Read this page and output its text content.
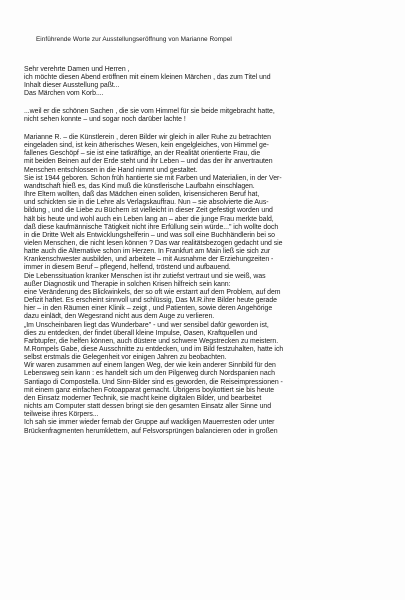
Einführende Worte zur Ausstellungseröffnung von Marianne Rompel
Sehr verehrte Damen und Herren ,
ich möchte diesen Abend eröffnen mit einem kleinen Märchen , das zum Titel und
Inhalt dieser Ausstellung paßt...
Das Märchen vom Korb....
...weil er die schönen Sachen , die sie vom Himmel für sie beide mitgebracht hatte,
nicht sehen konnte – und sogar noch darüber lachte !
Marianne R. – die Künstlerein , deren Bilder wir gleich in aller Ruhe zu betrachten
eingeladen sind, ist kein ätherisches Wesen, kein engelgleiches, von Himmel ge-
fallenes Geschöpf – sie ist eine tatkräftige, an der Realität orientierte Frau, die
mit beiden Beinen auf der Erde steht und ihr Leben – und das der ihr anvertrauten
Menschen entschlossen in die Hand nimmt und gestaltet.
Sie ist 1944 geboren. Schon früh hantierte sie mit Farben und Materialien, in der Ver-
wandtschaft hieß es, das Kind muß die künstlerische Laufbahn einschlagen.
Ihre Eltern wollten, daß das Mädchen einen soliden, krisensicheren Beruf hat,
und schickten sie in die Lehre als Verlagskauffrau. Nun – sie absolvierte die Aus-
bildung , und die Liebe zu Büchern ist vielleicht in dieser Zeit gefestigt worden und
hält bis heute und wohl auch ein Leben lang an – aber die junge Frau merkte bald,
daß diese kaufmännische Tätigkeit nicht ihre Erfüllung sein würde..." ich wollte doch
in die Dritte Welt als Entwicklungshelferin – und was soll eine Buchhändlerin bei so
vielen Menschen, die nicht lesen können ? Das war realitätsbezogen gedacht und sie
hatte auch die Alternative schon im Herzen. In Frankfurt am Main ließ sie sich zur
Krankenschwester ausbilden, und arbeitete – mit Ausnahme der Erziehungzeiten -
immer in diesem Beruf – pflegend, helfend, tröstend und aufbauend.
Die Lebenssituation kranker Menschen ist ihr zutiefst vertraut und sie weiß, was
außer Diagnostik und Therapie in solchen Krisen hilfreich sein kann:
eine Veränderung des Blickwinkels, der so oft wie erstarrt auf dem Problem, auf dem
Defizit haftet. Es erscheint sinnvoll und schlüssig, Das M.R.ihre Bilder heute gerade
hier – in den Räumen einer Klinik – zeigt , und Patienten, sowie deren Angehörige
dazu einlädt, den Wegesrand nicht aus dem Auge zu verlieren.
„Im Unscheinbaren liegt das Wunderbare" - und wer sensibel dafür geworden ist,
dies zu entdecken, der findet überall kleine Impulse, Oasen, Kraftquellen und
Farbtupfer, die helfen können, auch düstere und schwere Wegstrecken zu meistern.
M.Rompels Gabe, diese Ausschnitte zu entdecken, und im Bild festzuhalten, hatte ich
selbst erstmals die Gelegenheit vor einigen Jahren zu beobachten.
Wir waren zusammen auf einem langen Weg, der wie kein anderer Sinnbild für den
Lebensweg sein kann : es handelt sich um den Pilgerweg durch Nordspanien nach
Santiago di Compostella. Und Sinn-Bilder sind es geworden, die Reiseimpressionen -
mit einem ganz einfachen Fotoapparat gemacht. Übrigens boykottiert sie bis heute
den Einsatz moderner Technik, sie macht keine digitalen Bilder, und bearbeitet
nichts am Computer statt dessen bringt sie den gesamten Einsatz aller Sinne und
teilweise ihres Körpers...
Ich sah sie immer wieder fernab der Gruppe auf wackligen Mauerresten oder unter
Brückenfragmenten herumklettern, auf Felsvorsprüngen balancieren oder in großen
